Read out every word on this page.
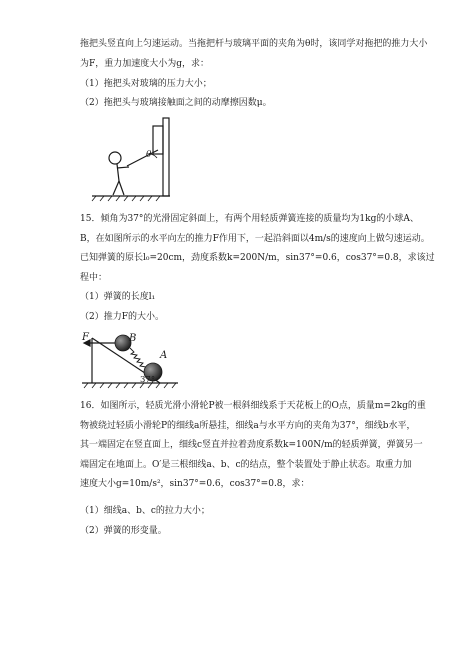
拖把头竖直向上匀速运动。当拖把杆与玻璃平面的夹角为θ时，该同学对拖把的推力大小
为F，重力加速度大小为g，求：
（1）拖把头对玻璃的压力大小；
（2）拖把头与玻璃接触面之间的动摩擦因数μ。
θ
F	B
A
37°
15．倾角为37°的光滑固定斜面上，有两个用轻质弹簧连接的质量均为1kg的小球A、
B，在如图所示的水平向左的推力F作用下，一起沿斜面以4m/s的速度向上做匀速运动。
已知弹簧的原长l₀=20cm，劲度系数k=200N/m，sin37°=0.6，cos37°=0.8，求该过
程中：
（1）弹簧的长度l₁
（2）推力F的大小。
16．如图所示，轻质光滑小滑轮P被一根斜细线系于天花板上的O点，质量m=2kg的重
物被绕过轻质小滑轮P的细线a所悬挂，细线a与水平方向的夹角为37°，细线b水平，
其一端固定在竖直面上，细线c竖直并拉着劲度系数k=100N/m的轻质弹簧，弹簧另一
端固定在地面上。O′是三根细线a、b、c的结点，整个装置处于静止状态。取重力加
速度大小g=10m/s²，sin37°=0.6，cos37°=0.8，求：
（1）细线a、b、c的拉力大小；
（2）弹簧的形变量。
